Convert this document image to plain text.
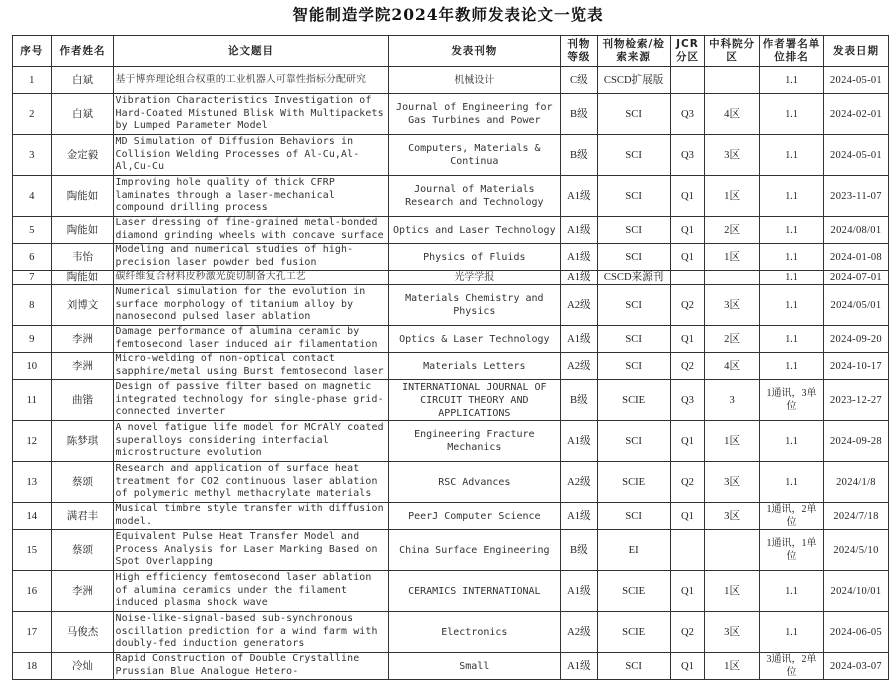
智能制造学院2024年教师发表论文一览表
序号	作者姓名	论文题目	发表刊物	刊物等级	刊物检索/检索来源	JCR分区	中科院分区	作者署名单位排名	发表日期
1	白斌	基于博弈理论组合权重的工业机器人可靠性指标分配研究	机械设计	C级	CSCD扩展版			1.1	2024-05-01
2	白斌	Vibration Characteristics Investigation of Hard-Coated Mistuned Blisk With Multipackets by Lumped Parameter Model	Journal of Engineering for Gas Turbines and Power	B级	SCI	Q3	4区	1.1	2024-02-01
3	金定毅	MD Simulation of Diffusion Behaviors in Collision Welding Processes of Al-Cu,Al-Al,Cu-Cu	Computers, Materials & Continua	B级	SCI	Q3	3区	1.1	2024-05-01
4	陶能如	Improving hole quality of thick CFRP laminates through a laser-mechanical compound drilling process	Journal of Materials Research and Technology	A1级	SCI	Q1	1区	1.1	2023-11-07
5	陶能如	Laser dressing of fine-grained metal-bonded diamond grinding wheels with concave surface	Optics and Laser Technology	A1级	SCI	Q1	2区	1.1	2024/08/01
6	韦怡	Modeling and numerical studies of high-precision laser powder bed fusion	Physics of Fluids	A1级	SCI	Q1	1区	1.1	2024-01-08
7	陶能如	碳纤维复合材料皮秒激光旋切制备大孔工艺	光学学报	A1级	CSCD来源刊			1.1	2024-07-01
8	刘博文	Numerical simulation for the evolution in surface morphology of titanium alloy by nanosecond pulsed laser ablation	Materials Chemistry and Physics	A2级	SCI	Q2	3区	1.1	2024/05/01
9	李洲	Damage performance of alumina ceramic by femtosecond laser induced air filamentation	Optics & Laser Technology	A1级	SCI	Q1	2区	1.1	2024-09-20
10	李洲	Micro-welding of non-optical contact sapphire/metal using Burst femtosecond laser	Materials Letters	A2级	SCI	Q2	4区	1.1	2024-10-17
11	曲锴	Design of passive filter based on magnetic integrated technology for single-phase grid-connected inverter	INTERNATIONAL JOURNAL OF CIRCUIT THEORY AND APPLICATIONS	B级	SCIE	Q3	3	1通讯，3单位	2023-12-27
12	陈梦琪	A novel fatigue life model for MCrAlY coated superalloys considering interfacial microstructure evolution	Engineering Fracture Mechanics	A1级	SCI	Q1	1区	1.1	2024-09-28
13	蔡颂	Research and application of surface heat treatment for CO2 continuous laser ablation of polymeric methyl methacrylate materials	RSC Advances	A2级	SCIE	Q2	3区	1.1	2024/1/8
14	满君丰	Musical timbre style transfer with diffusion model.	PeerJ Computer Science	A1级	SCI	Q1	3区	1通讯，2单位	2024/7/18
15	蔡颂	Equivalent Pulse Heat Transfer Model and Process Analysis for Laser Marking Based on Spot Overlapping	China Surface Engineering	B级	EI			1通讯，1单位	2024/5/10
16	李洲	High efficiency femtosecond laser ablation of alumina ceramics under the filament induced plasma shock wave	CERAMICS INTERNATIONAL	A1级	SCIE	Q1	1区	1.1	2024/10/01
17	马俊杰	Noise-like-signal-based sub-synchronous oscillation prediction for a wind farm with doubly-fed induction generators	Electronics	A2级	SCIE	Q2	3区	1.1	2024-06-05
18	冷灿	Rapid Construction of Double Crystalline Prussian Blue Analogue Hetero-	Small	A1级	SCI	Q1	1区	3通讯，2单位	2024-03-07
